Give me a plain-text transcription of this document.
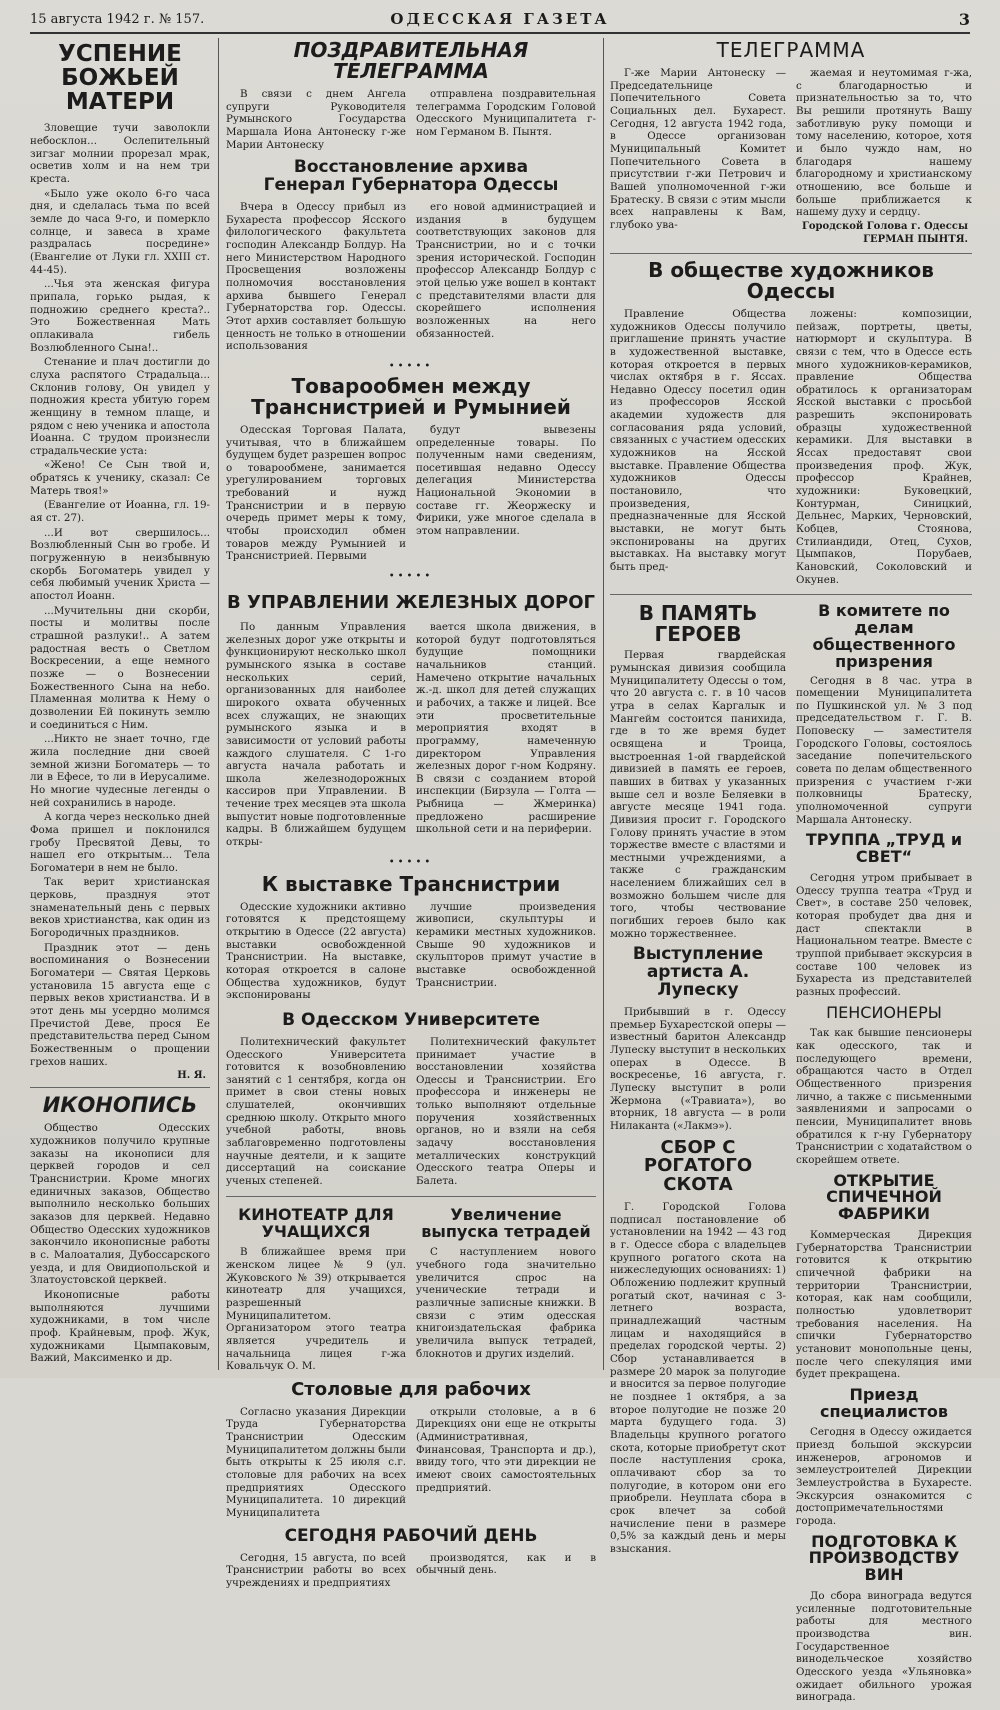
15 августа 1942 г. № 157.	ОДЕССКАЯ ГАЗЕТА	3
УСПЕНИЕ БОЖЬЕЙ МАТЕРИ

Зловещие тучи заволокли небосклон... Ослепительный зигзаг молнии прорезал мрак, осветив холм и на нем три креста.

«Было уже около 6-го часа дня, и сделалась тьма по всей земле до часа 9-го, и померкло солнце, и завеса в храме раздралась посредине» (Евангелие от Луки гл. XXIII ст. 44-45).

...Чья эта женская фигура припала, горько рыдая, к подножию среднего креста?.. Это Божественная Мать оплакивала гибель Возлюбленного Сына!..

Стенание и плач достигли до слуха распятого Страдальца... Склонив голову, Он увидел у подножия креста убитую горем женщину в темном плаще, и рядом с нею ученика и апостола Иоанна. С трудом произнесли страдальческие уста:

«Жено! Се Сын твой и, обратясь к ученику, сказал: Се Матерь твоя!»

(Евангелие от Иоанна, гл. 19-ая ст. 27).

...И вот свершилось... Возлюбленный Сын во гробе. И погруженную в неизбывную скорбь Богоматерь увидел у себя любимый ученик Христа — апостол Иоанн.

...Мучительны дни скорби, посты и молитвы после страшной разлуки!.. А затем радостная весть о Светлом Воскресении, а еще немного позже — о Вознесении Божественного Сына на небо. Пламенная молитва к Нему о дозволении Ей покинуть землю и соединиться с Ним.

...Никто не знает точно, где жила последние дни своей земной жизни Богоматерь — то ли в Ефесе, то ли в Иерусалиме. Но многие чудесные легенды о ней сохранились в народе.

А когда через несколько дней Фома пришел и поклонился гробу Пресвятой Девы, то нашел его открытым... Тела Богоматери в нем не было.

Так верит христианская церковь, празднуя этот знаменательный день с первых веков христианства, как один из Богородичных праздников.

Праздник этот — день воспоминания о Вознесении Богоматери — Святая Церковь установила 15 августа еще с первых веков христианства. И в этот день мы усердно молимся Пречистой Деве, прося Ее представительства перед Сыном Божественным о прощении грехов наших.

Н. Я.
ИКОНОПИСЬ

Общество Одесских художников получило крупные заказы на иконописи для церквей городов и сел Транснистрии. Кроме многих единичных заказов, Общество выполнило несколько больших заказов для церквей. Недавно Общество Одесских художников закончило иконописные работы в с. Малоаталия, Дубоссарского уезда, и для Овидиопольской и Златоустовской церквей.

Иконописные работы выполняются лучшими художниками, в том числе проф. Крайневым, проф. Жук, художниками Цымпаковым, Важий, Максименко и др.

ПОЗДРАВИТЕЛЬНАЯ ТЕЛЕГРАММА

В связи с днем Ангела супруги Руководителя Румынского Государства Маршала Иона Антонеску г-же Марии Антонеску

отправлена поздравительная телеграмма Городским Головой Одесского Муниципалитета г-ном Германом В. Пынтя.

Восстановление архива Генерал Губернатора Одессы

Вчера в Одессу прибыл из Бухареста профессор Ясского филологического факультета господин Александр Болдур. На него Министерством Народного Просвещения возложены полномочия восстановления архива бывшего Генерал Губернаторства гор. Одессы. Этот архив составляет большую ценность не только в отношении использования

его новой администрацией и издания в будущем соответствующих законов для Транснистрии, но и с точки зрения исторической. Господин профессор Александр Болдур с этой целью уже вошел в контакт с представителями власти для скорейшего исполнения возложенных на него обязанностей.

•••••
Товарообмен между Транснистрией и Румынией

Одесская Торговая Палата, учитывая, что в ближайшем будущем будет разрешен вопрос о товарообмене, занимается урегулированием торговых требований и нужд Транснистрии и в первую очередь примет меры к тому, чтобы происходил обмен товаров между Румынией и Транснистрией. Первыми

будут вывезены определенные товары. По полученным нами сведениям, посетившая недавно Одессу делегация Министерства Национальной Экономии в составе гг. Жеоржеску и Фирики, уже многое сделала в этом направлении.

•••••
В УПРАВЛЕНИИ ЖЕЛЕЗНЫХ ДОРОГ

По данным Управления железных дорог уже открыты и функционируют несколько школ румынского языка в составе нескольких серий, организованных для наиболее широкого охвата обученных всех служащих, не знающих румынского языка и в зависимости от условий работы каждого слушателя. С 1-го августа начала работать и школа железнодорожных кассиров при Управлении. В течение трех месяцев эта школа выпустит новые подготовленные кадры. В ближайшем будущем откры-

вается школа движения, в которой будут подготовляться будущие помощники начальников станций. Намечено открытие начальных ж.-д. школ для детей служащих и рабочих, а также и лицей. Все эти просветительные мероприятия входят в программу, намеченную директором Управления железных дорог г-ном Кодряну. В связи с созданием второй инспекции (Бирзула — Голта — Рыбница — Жмеринка) предложено расширение школьной сети и на периферии.

•••••
К выставке Транснистрии

Одесские художники активно готовятся к предстоящему открытию в Одессе (22 августа) выставки освобожденной Транснистрии. На выставке, которая откроется в салоне Общества художников, будут экспонированы

лучшие произведения живописи, скульптуры и керамики местных художников. Свыше 90 художников и скульпторов примут участие в выставке освобожденной Транснистрии.

В Одесском Университете

Политехнический факультет Одесского Университета готовится к возобновлению занятий с 1 сентября, когда он примет в свои стены новых слушателей, окончивших среднюю школу. Открыто много учебной работы, вновь заблаговременно подготовлены научные деятели, и к защите диссертаций на соискание ученых степеней.

Политехнический факультет принимает участие в восстановлении хозяйства Одессы и Транснистрии. Его профессора и инженеры не только выполняют отдельные поручения хозяйственных органов, но и взяли на себя задачу восстановления металлических конструкций Одесского театра Оперы и Балета.

КИНОТЕАТР ДЛЯ УЧАЩИХСЯ

В ближайшее время при женском лицее № 9 (ул. Жуковского № 39) открывается кинотеатр для учащихся, разрешенный Муниципалитетом. Организатором этого театра является учредитель и начальница лицея г-жа Ковальчук О. М.

Увеличение выпуска тетрадей

С наступлением нового учебного года значительно увеличится спрос на ученические тетради и различные записные книжки. В связи с этим одесская книгоиздательская фабрика увеличила выпуск тетрадей, блокнотов и других изделий.

Столовые для рабочих

Согласно указания Дирекции Труда Губернаторства Транснистрии Одесским Муниципалитетом должны были быть открыты к 25 июля с.г. столовые для рабочих на всех предприятиях Одесского Муниципалитета. 10 дирекций Муниципалитета

открыли столовые, а в 6 Дирекциях они еще не открыты (Административная, Финансовая, Транспорта и др.), ввиду того, что эти дирекции не имеют своих самостоятельных предприятий.

СЕГОДНЯ РАБОЧИЙ ДЕНЬ

Сегодня, 15 августа, по всей Транснистрии работы во всех учреждениях и предприятиях

производятся, как и в обычный день.

ТЕЛЕГРАММА

Г-же Марии Антонеску — Председательнице Попечительного Совета Социальных дел. Бухарест. Сегодня, 12 августа 1942 года, в Одессе организован Муниципальный Комитет Попечительного Совета в присутствии г-жи Петрович и Вашей уполномоченной г-жи Братеску. В связи с этим мысли всех направлены к Вам, глубоко ува-

жаемая и неутомимая г-жа, с благодарностью и признательностью за то, что Вы решили протянуть Вашу заботливую руку помощи и тому населению, которое, хотя и было чуждо нам, но благодаря нашему благородному и христианскому отношению, все больше и больше приближается к нашему духу и сердцу.

Городской Голова г. Одессы
ГЕРМАН ПЫНТЯ.
В обществе художников Одессы

Правление Общества художников Одессы получило приглашение принять участие в художественной выставке, которая откроется в первых числах октября в г. Яссах. Недавно Одессу посетил один из профессоров Ясской академии художеств для согласования ряда условий, связанных с участием одесских художников на Ясской выставке. Правление Общества художников Одессы постановило, что произведения, предназначенные для Ясской выставки, не могут быть экспонированы на других выставках. На выставку могут быть пред-

ложены: композиции, пейзаж, портреты, цветы, натюрморт и скульптура. В связи с тем, что в Одессе есть много художников-керамиков, правление Общества обратилось к организаторам Ясской выставки с просьбой разрешить экспонировать образцы художественной керамики. Для выставки в Яссах предоставят свои произведения проф. Жук, профессор Крайнев, художники: Буковецкий, Контурман, Синицкий, Дельнес, Марких, Черновский, Кобцев, Стоянова, Стилиандиди, Отец, Сухов, Цымпаков, Порубаев, Кановский, Соколовский и Окунев.

В ПАМЯТЬ ГЕРОЕВ

Первая гвардейская румынская дивизия сообщила Муниципалитету Одессы о том, что 20 августа с. г. в 10 часов утра в селах Каргалык и Мангейм состоится панихида, где в то же время будет освящена и Троица, выстроенная 1-ой гвардейской дивизией в память ее героев, павших в битвах у указанных выше сел и возле Беляевки в августе месяце 1941 года. Дивизия просит г. Городского Голову принять участие в этом торжестве вместе с властями и местными учреждениями, а также с гражданским населением ближайших сел в возможно большем числе для того, чтобы чествование погибших героев было как можно торжественнее.

Выступление артиста А. Лупеску

Прибывший в г. Одессу премьер Бухарестской оперы — известный баритон Александр Лупеску выступит в нескольких операх в Одессе. В воскресенье, 16 августа, г. Лупеску выступит в роли Жермона («Травиата»), во вторник, 18 августа — в роли Нилаканта («Лакмэ»).

СБОР С РОГАТОГО СКОТА

Г. Городской Голова подписал постановление об установлении на 1942 — 43 год в г. Одессе сбора с владельцев крупного рогатого скота на нижеследующих основаниях: 1) Обложению подлежит крупный рогатый скот, начиная с 3-летнего возраста, принадлежащий частным лицам и находящийся в пределах городской черты. 2) Сбор устанавливается в размере 20 марок за полугодие и вносится за первое полугодие не позднее 1 октября, а за второе полугодие не позже 20 марта будущего года. 3) Владельцы крупного рогатого скота, которые приобретут скот после наступления срока, оплачивают сбор за то полугодие, в котором они его приобрели. Неуплата сбора в срок влечет за собой начисление пени в размере 0,5% за каждый день и меры взыскания.

В комитете по делам общественного призрения

Сегодня в 8 час. утра в помещении Муниципалитета по Пушкинской ул. № 3 под председательством г. Г. В. Поповеску — заместителя Городского Головы, состоялось заседание попечительского совета по делам общественного призрения с участием г-жи полковницы Братеску, уполномоченной супруги Маршала Антонеску.

ТРУППА „ТРУД и СВЕТ“

Сегодня утром прибывает в Одессу труппа театра «Труд и Свет», в составе 250 человек, которая пробудет два дня и даст спектакли в Национальном театре. Вместе с труппой прибывает экскурсия в составе 100 человек из Бухареста из представителей разных профессий.

ПЕНСИОНЕРЫ

Так как бывшие пенсионеры как одесского, так и последующего времени, обращаются часто в Отдел Общественного призрения лично, а также с письменными заявлениями и запросами о пенсии, Муниципалитет вновь обратился к г-ну Губернатору Транснистрии с ходатайством о скорейшем ответе.

ОТКРЫТИЕ СПИЧЕЧНОЙ ФАБРИКИ

Коммерческая Дирекция Губернаторства Транснистрии готовится к открытию спичечной фабрики на территории Транснистрии, которая, как нам сообщили, полностью удовлетворит требования населения. На спички Губернаторство установит монопольные цены, после чего спекуляция ими будет прекращена.

Приезд специалистов

Сегодня в Одессу ожидается приезд большой экскурсии инженеров, агрономов и землеустроителей Дирекции Землеустройства в Бухаресте. Экскурсия ознакомится с достопримечательностями города.

ПОДГОТОВКА К ПРОИЗВОДСТВУ ВИН

До сбора винограда ведутся усиленные подготовительные работы для местного производства вин. Государственное винодельческое хозяйство Одесского уезда «Ульяновка» ожидает обильного урожая винограда.
